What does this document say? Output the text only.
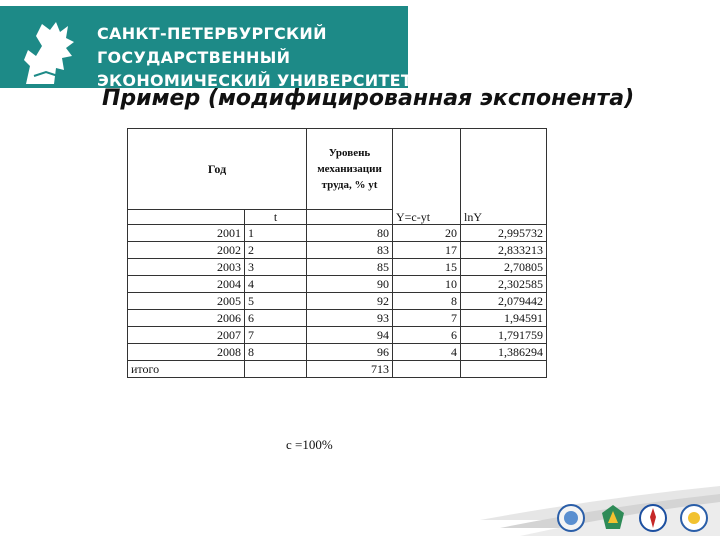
САНКТ-ПЕТЕРБУРГСКИЙ
ГОСУДАРСТВЕННЫЙ
ЭКОНОМИЧЕСКИЙ УНИВЕРСИТЕТ
Пример (модифицированная экспонента)
Год		Уровень
механизации
труда, % yt		

	t		Y=c-yt	lnY
2001	1	80	20	2,995732
2002	2	83	17	2,833213
2003	3	85	15	2,70805
2004	4	90	10	2,302585
2005	5	92	8	2,079442
2006	6	93	7	1,94591
2007	7	94	6	1,791759
2008	8	96	4	1,386294
итого		713		
c =100%
